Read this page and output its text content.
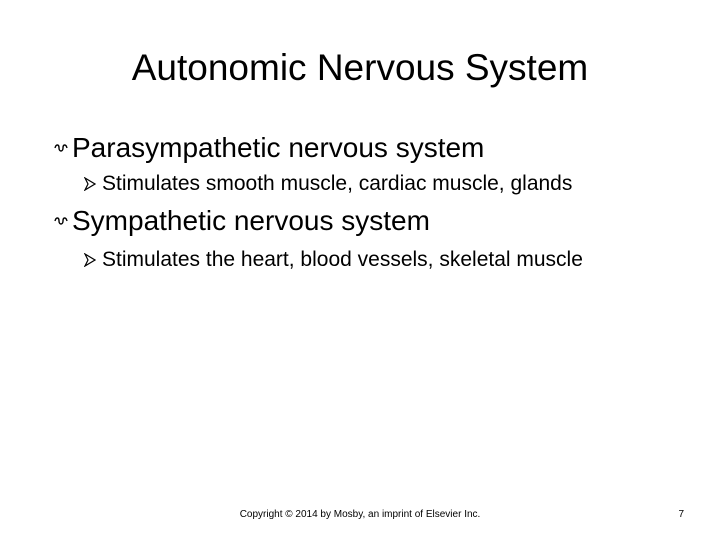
Autonomic Nervous System
Parasympathetic nervous system
Stimulates smooth muscle, cardiac muscle, glands
Sympathetic nervous system
Stimulates the heart, blood vessels, skeletal muscle
Copyright © 2014 by Mosby, an imprint of Elsevier Inc.	7
